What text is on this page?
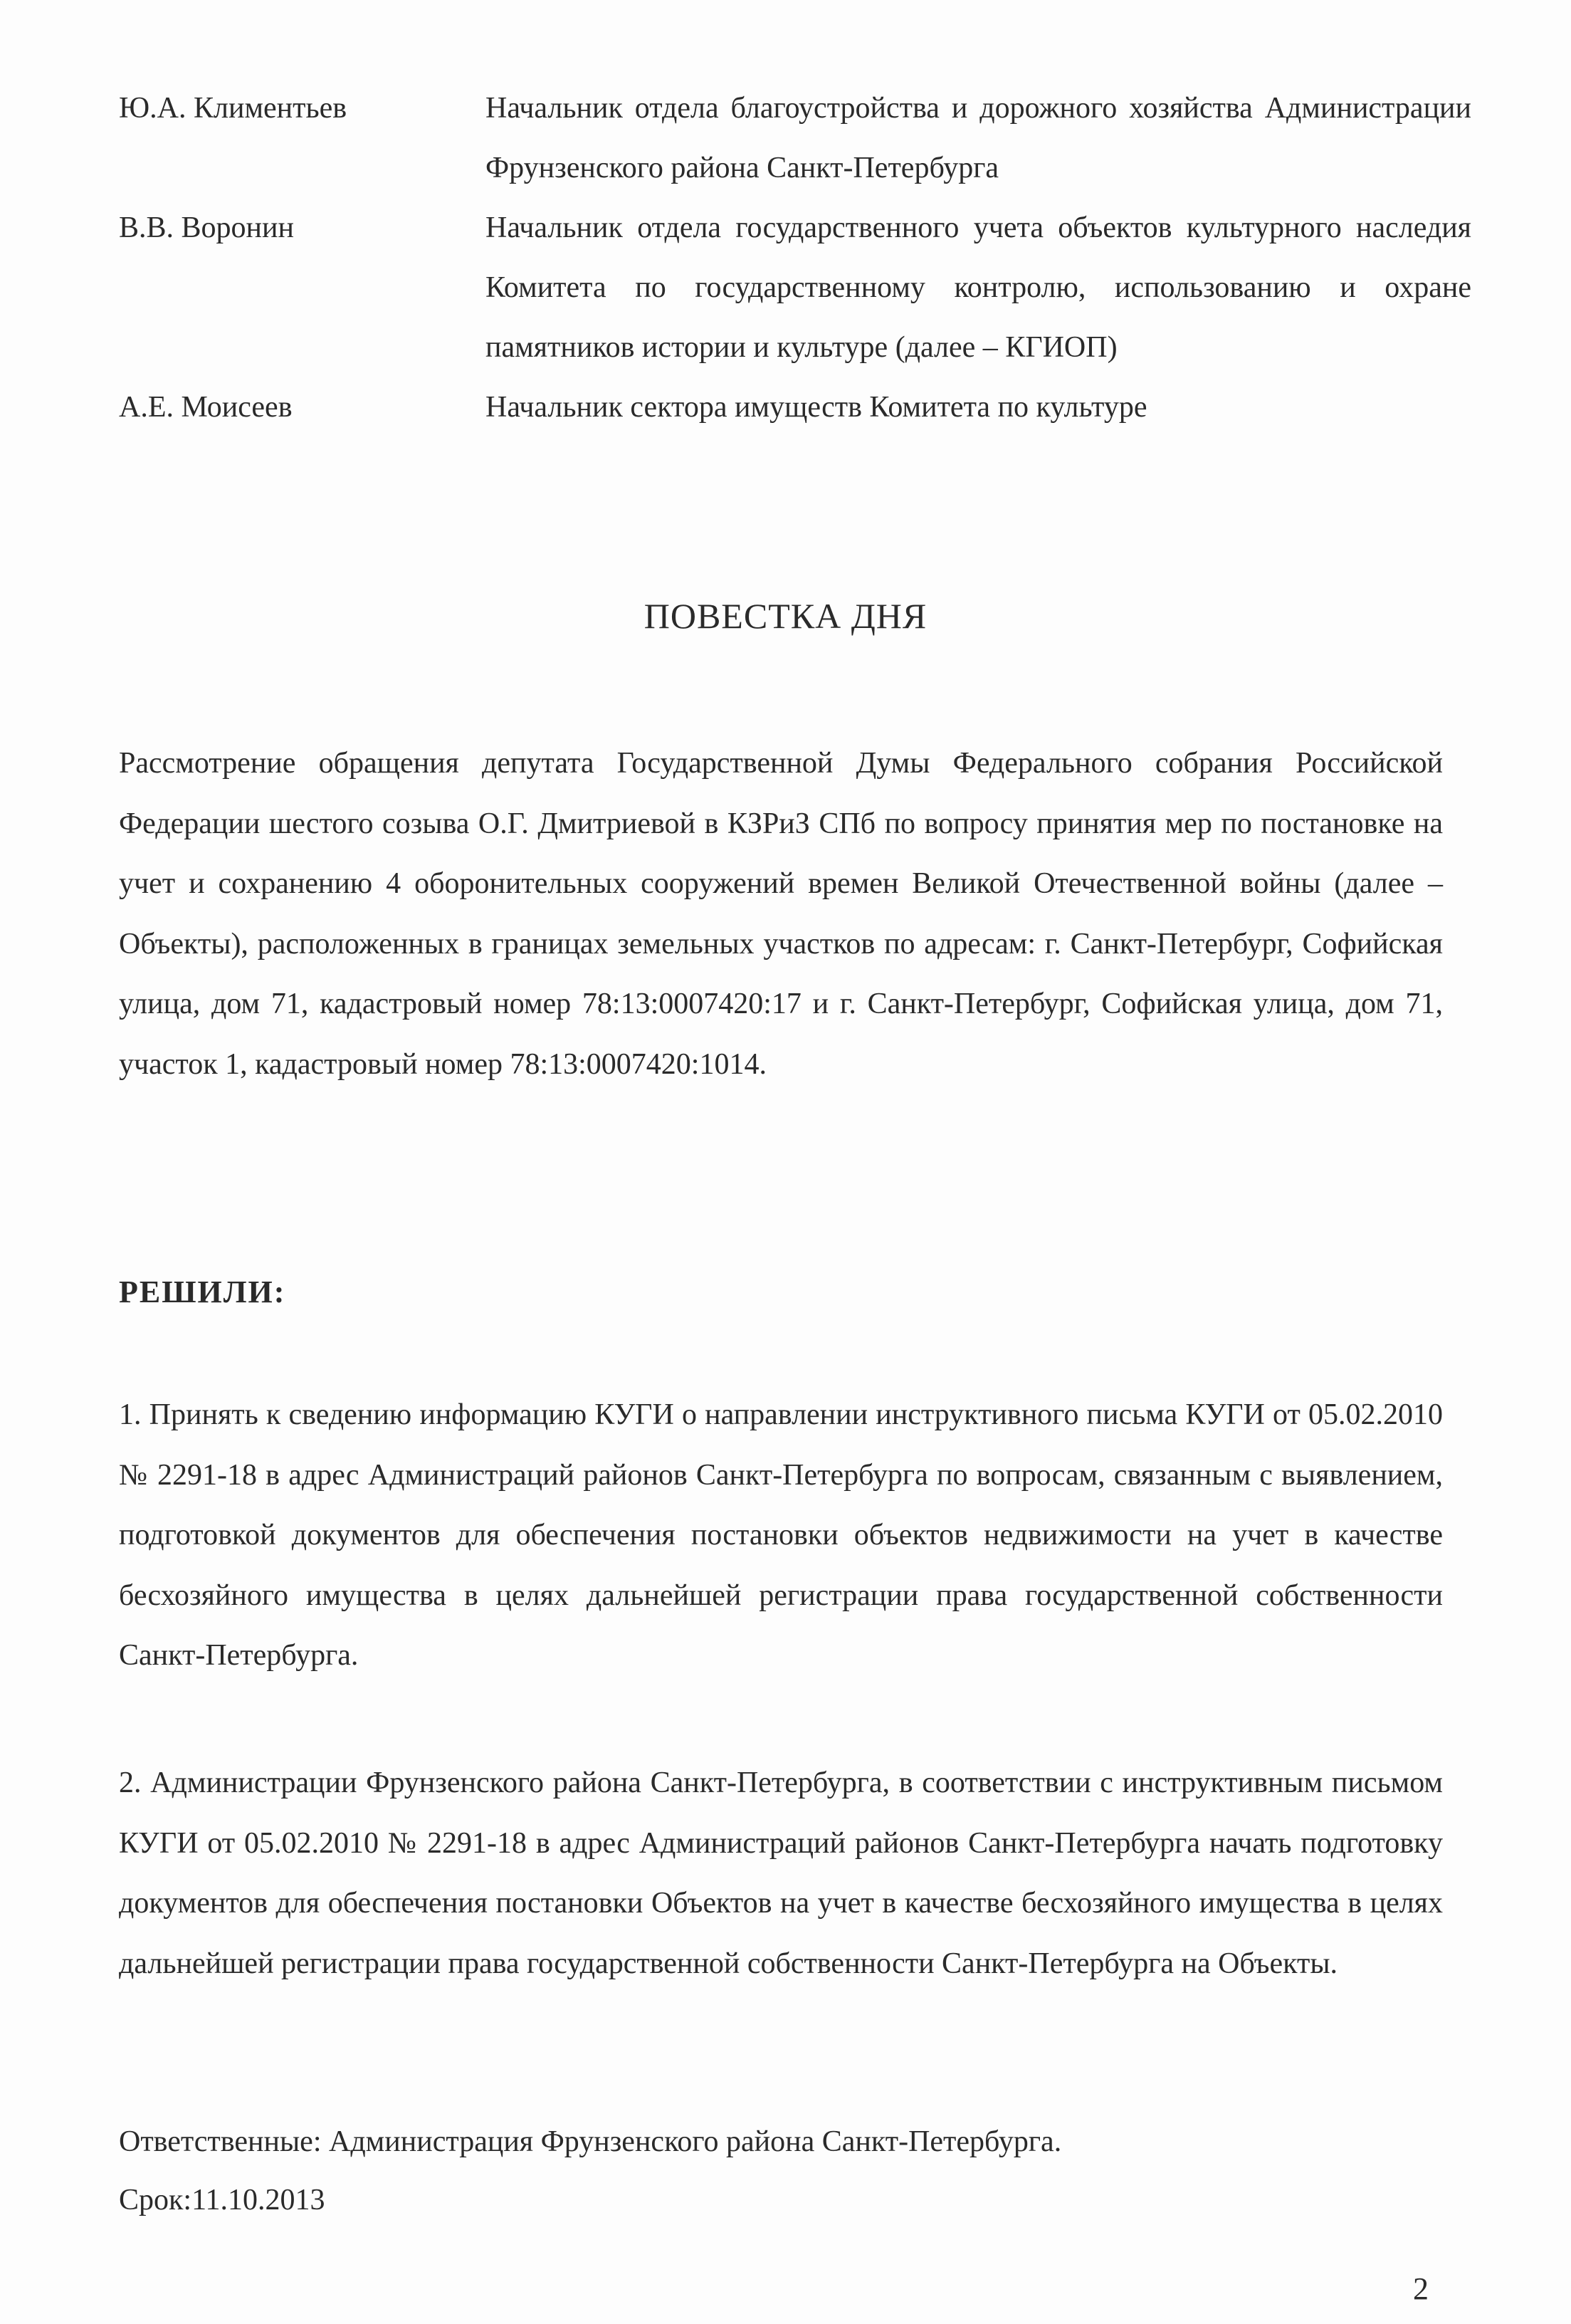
Ю.А. Климентьев	Начальник отдела благоустройства и дорожного хозяйства Администрации Фрунзенского района Санкт-Петербурга
В.В. Воронин	Начальник отдела государственного учета объектов культурного наследия Комитета по государственному контролю, использованию и охране памятников истории и культуре (далее – КГИОП)
А.Е. Моисеев	Начальник сектора имуществ Комитета по культуре
ПОВЕСТКА ДНЯ
Рассмотрение обращения депутата Государственной Думы Федерального собрания Российской Федерации шестого созыва О.Г. Дмитриевой в КЗРиЗ СПб по вопросу принятия мер по постановке на учет и сохранению 4 оборонительных сооружений времен Великой Отечественной войны (далее – Объекты), расположенных в границах земельных участков по адресам: г. Санкт-Петербург, Софийская улица, дом 71, кадастровый номер 78:13:0007420:17 и г. Санкт-Петербург, Софийская улица, дом 71, участок 1, кадастровый номер 78:13:0007420:1014.
РЕШИЛИ:
1. Принять к сведению информацию КУГИ о направлении инструктивного письма КУГИ от 05.02.2010 № 2291-18 в адрес Администраций районов Санкт-Петербурга по вопросам, связанным с выявлением, подготовкой документов для обеспечения постановки объектов недвижимости на учет в качестве бесхозяйного имущества в целях дальнейшей регистрации права государственной собственности Санкт-Петербурга.
2. Администрации Фрунзенского района Санкт-Петербурга, в соответствии с инструктивным письмом КУГИ от 05.02.2010 № 2291-18 в адрес Администраций районов Санкт-Петербурга начать подготовку документов для обеспечения постановки Объектов на учет в качестве бесхозяйного имущества в целях дальнейшей регистрации права государственной собственности Санкт-Петербурга на Объекты.
Ответственные: Администрация Фрунзенского района Санкт-Петербурга.
Срок:11.10.2013
2
